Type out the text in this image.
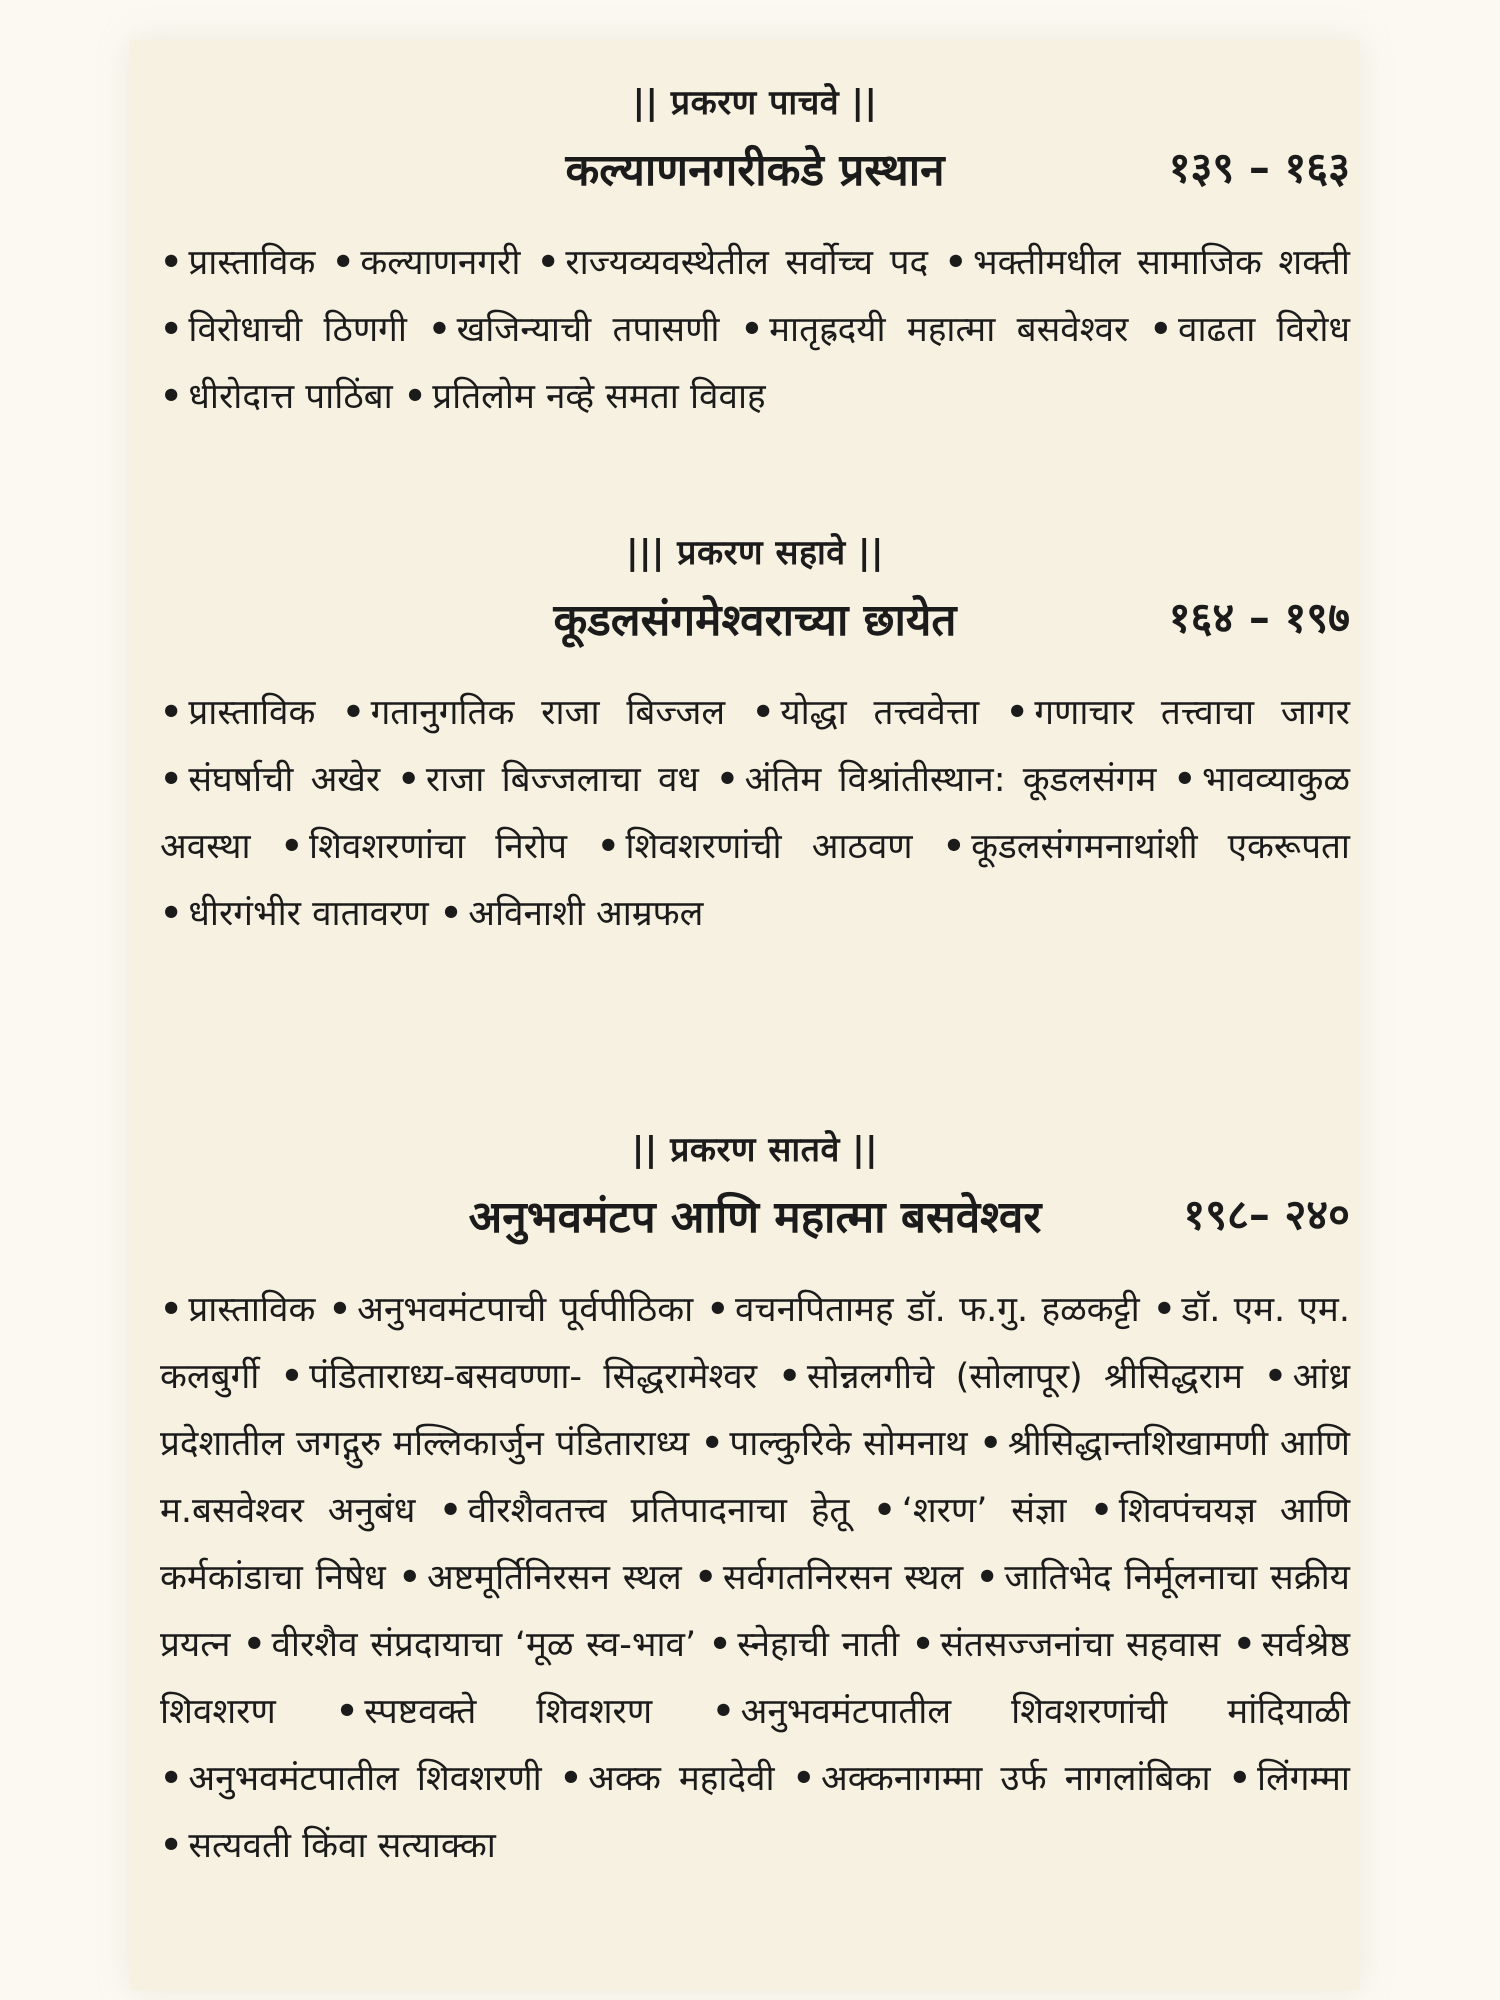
|| प्रकरण पाचवे ||
कल्याणनगरीकडे प्रस्थान	१३९ – १६३
• प्रास्ताविक • कल्याणनगरी • राज्यव्यवस्थेतील सर्वोच्च पद • भक्तीमधील सामाजिक शक्ती • विरोधाची ठिणगी • खजिन्याची तपासणी • मातृह्रदयी महात्मा बसवेश्वर • वाढता विरोध • धीरोदात्त पाठिंबा • प्रतिलोम नव्हे समता विवाह
||| प्रकरण सहावे ||
कूडलसंगमेश्वराच्या छायेत	१६४ – १९७
• प्रास्ताविक • गतानुगतिक राजा बिज्जल • योद्धा तत्त्ववेत्ता • गणाचार तत्त्वाचा जागर • संघर्षाची अखेर • राजा बिज्जलाचा वध • अंतिम विश्रांतीस्थान: कूडलसंगम • भावव्याकुळ अवस्था • शिवशरणांचा निरोप • शिवशरणांची आठवण • कूडलसंगमनाथांशी एकरूपता • धीरगंभीर वातावरण • अविनाशी आम्रफल
|| प्रकरण सातवे ||
अनुभवमंटप आणि महात्मा बसवेश्वर	१९८– २४०
• प्रास्ताविक • अनुभवमंटपाची पूर्वपीठिका • वचनपितामह डॉ. फ.गु. हळकट्टी • डॉ. एम. एम. कलबुर्गी • पंडिताराध्य-बसवण्णा- सिद्धरामेश्वर • सोन्नलगीचे (सोलापूर) श्रीसिद्धराम • आंध्र प्रदेशातील जगद्गुरु मल्लिकार्जुन पंडिताराध्य • पाल्कुरिके सोमनाथ • श्रीसिद्धान्तशिखामणी आणि म.बसवेश्वर अनुबंध • वीरशैवतत्त्व प्रतिपादनाचा हेतू • ‘शरण’ संज्ञा • शिवपंचयज्ञ आणि कर्मकांडाचा निषेध • अष्टमूर्तिनिरसन स्थल • सर्वगतनिरसन स्थल • जातिभेद निर्मूलनाचा सक्रीय प्रयत्न • वीरशैव संप्रदायाचा ‘मूळ स्व-भाव’ • स्नेहाची नाती • संतसज्जनांचा सहवास • सर्वश्रेष्ठ शिवशरण • स्पष्टवक्ते शिवशरण • अनुभवमंटपातील शिवशरणांची मांदियाळी • अनुभवमंटपातील शिवशरणी • अक्क महादेवी • अक्कनागम्मा उर्फ नागलांबिका • लिंगम्मा • सत्यवती किंवा सत्याक्का
